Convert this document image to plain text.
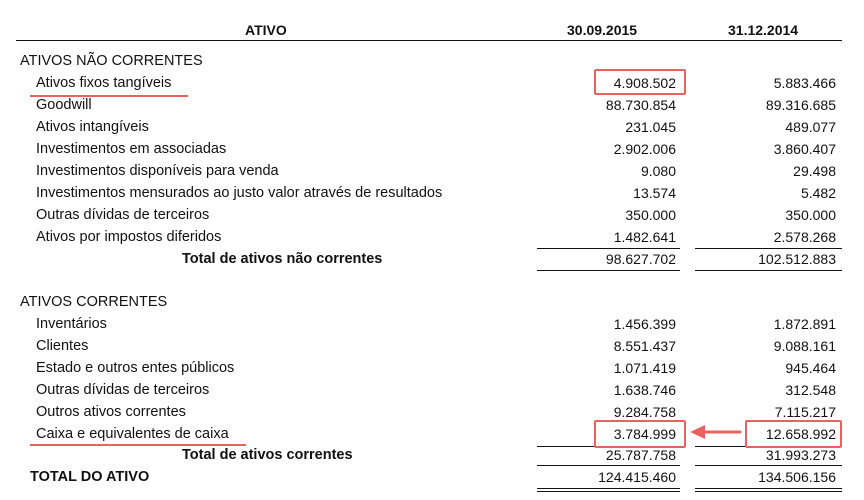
ATIVO	30.09.2015	31.12.2014
ATIVOS NÃO CORRENTES
Ativos fixos tangíveis	4.908.502	5.883.466
Goodwill	88.730.854	89.316.685
Ativos intangíveis	231.045	489.077
Investimentos em associadas	2.902.006	3.860.407
Investimentos disponíveis para venda	9.080	29.498
Investimentos mensurados ao justo valor através de resultados	13.574	5.482
Outras dívidas de terceiros	350.000	350.000
Ativos por impostos diferidos	1.482.641	2.578.268
Total de ativos não correntes	98.627.702	102.512.883
ATIVOS CORRENTES
Inventários	1.456.399	1.872.891
Clientes	8.551.437	9.088.161
Estado e outros entes públicos	1.071.419	945.464
Outras dívidas de terceiros	1.638.746	312.548
Outros ativos correntes	9.284.758	7.115.217
Caixa e equivalentes de caixa	3.784.999	12.658.992
Total de ativos correntes	25.787.758	31.993.273
TOTAL DO ATIVO	124.415.460	134.506.156
